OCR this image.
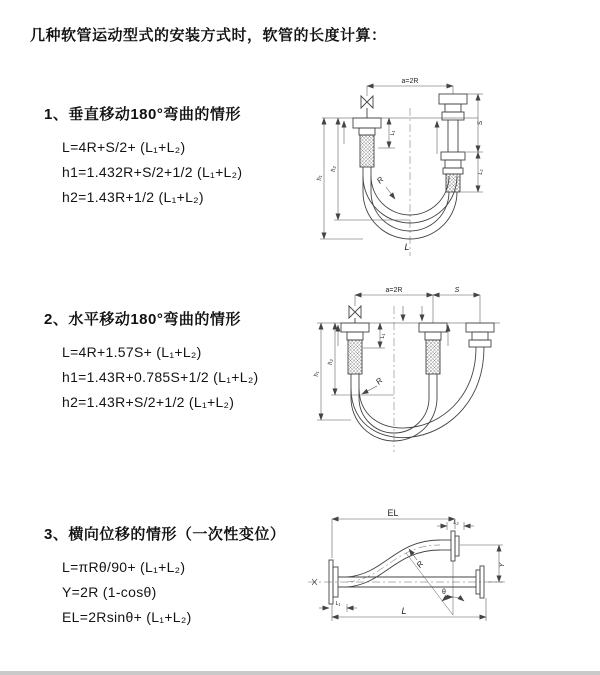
几种软管运动型式的安装方式时，软管的长度计算：
1、垂直移动180°弯曲的情形
L=4R+S/2+ (L₁+L₂)
h1=1.432R+S/2+1/2 (L₁+L₂)
h2=1.43R+1/2 (L₁+L₂)
a=2R
L₁
S
L₂
h₂
h₁	R
L
2、水平移动180°弯曲的情形
L=4R+1.57S+ (L₁+L₂)
h1=1.43R+0.785S+1/2 (L₁+L₂)
h2=1.43R+S/2+1/2 (L₁+L₂)
a=2R	S
L₁
h₂
h₁
R
3、横向位移的情形（一次性变位）
L=πRθ/90+ (L₁+L₂)
Y=2R (1-cosθ)
EL=2Rsinθ+ (L₁+L₂)
EL
L₂
Y
θ
R
L
L₁
